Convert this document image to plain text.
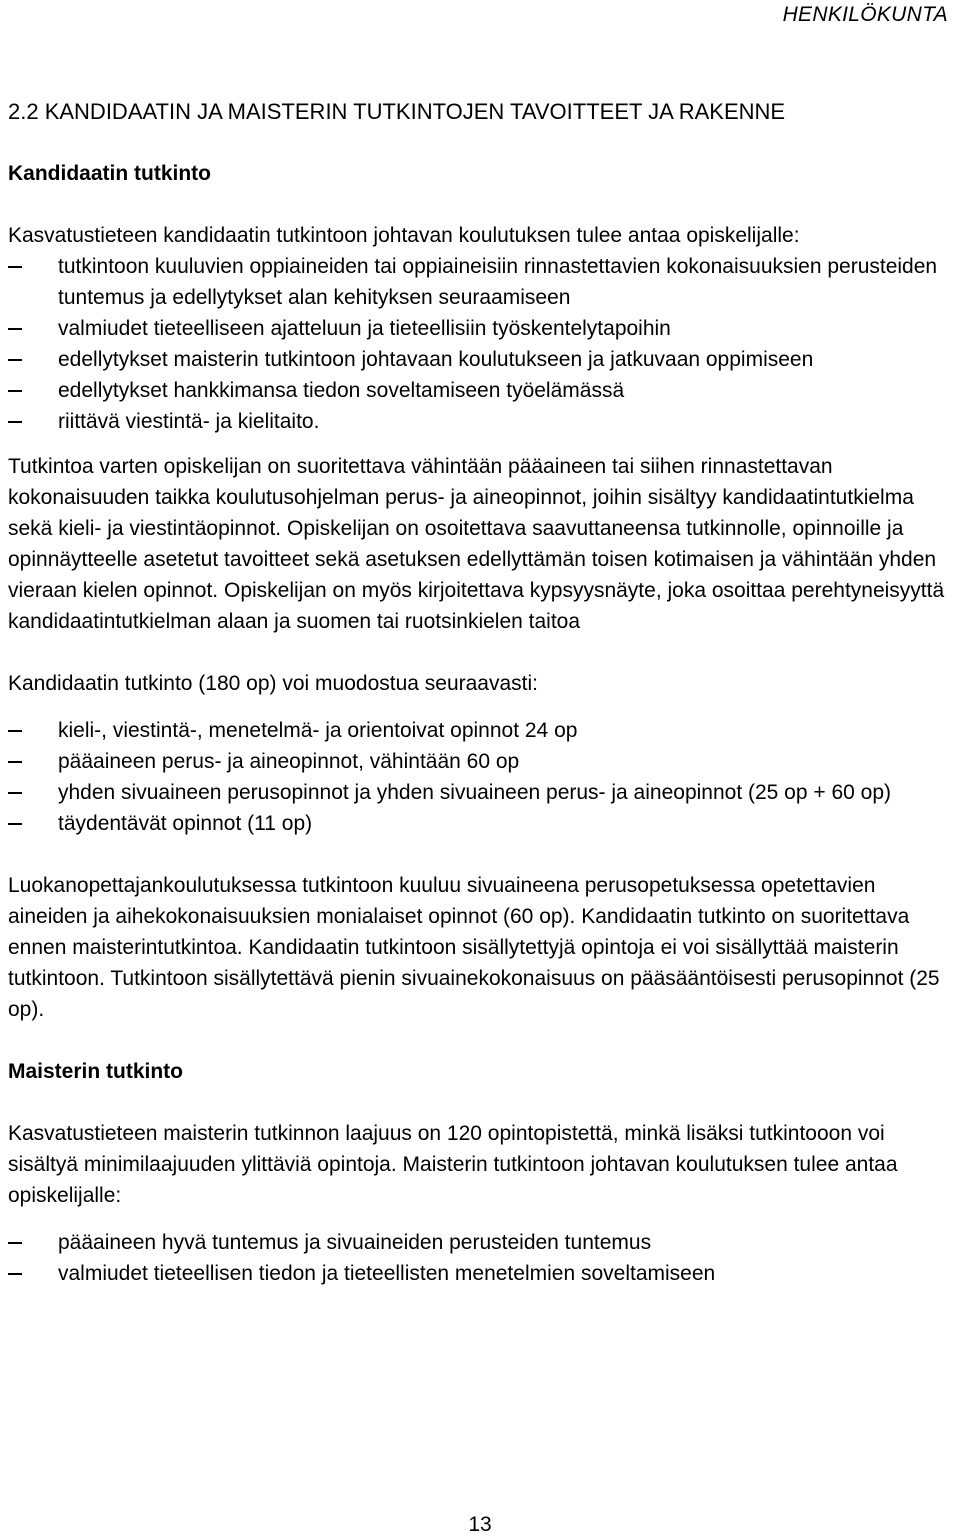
HENKILÖKUNTA

2.2 KANDIDAATIN JA MAISTERIN TUTKINTOJEN TAVOITTEET JA RAKENNE

Kandidaatin tutkinto

Kasvatustieteen kandidaatin tutkintoon johtavan koulutuksen tulee antaa opiskelijalle:

tutkintoon kuuluvien oppiaineiden tai oppiaineisiin rinnastettavien kokonaisuuksien perusteiden tuntemus ja edellytykset alan kehityksen seuraamiseen
valmiudet tieteelliseen ajatteluun ja tieteellisiin työskentelytapoihin
edellytykset maisterin tutkintoon johtavaan koulutukseen ja jatkuvaan oppimiseen
edellytykset hankkimansa tiedon soveltamiseen työelämässä
riittävä viestintä- ja kielitaito.

Tutkintoa varten opiskelijan on suoritettava vähintään pääaineen tai siihen rinnastettavan kokonaisuuden taikka koulutusohjelman perus- ja aineopinnot, joihin sisältyy kandidaatintutkielma sekä kieli- ja viestintäopinnot. Opiskelijan on osoitettava saavuttaneensa tutkinnolle, opinnoille ja opinnäytteelle asetetut tavoitteet sekä asetuksen edellyttämän toisen kotimaisen ja vähintään yhden vieraan kielen opinnot. Opiskelijan on myös kirjoitettava kypsyysnäyte, joka osoittaa perehtyneisyyttä kandidaatintutkielman alaan ja suomen tai ruotsinkielen taitoa

Kandidaatin tutkinto (180 op) voi muodostua seuraavasti:

kieli-, viestintä-, menetelmä- ja orientoivat opinnot 24 op
pääaineen perus- ja aineopinnot, vähintään 60 op
yhden sivuaineen perusopinnot ja yhden sivuaineen perus- ja aineopinnot (25 op + 60 op)
täydentävät opinnot (11 op)

Luokanopettajankoulutuksessa tutkintoon kuuluu sivuaineena perusopetuksessa opetettavien aineiden ja aihekokonaisuuksien monialaiset opinnot (60 op). Kandidaatin tutkinto on suoritettava ennen maisterintutkintoa. Kandidaatin tutkintoon sisällytettyjä opintoja ei voi sisällyttää maisterin tutkintoon. Tutkintoon sisällytettävä pienin sivuainekokonaisuus on pääsääntöisesti perusopinnot (25 op).

Maisterin tutkinto

Kasvatustieteen maisterin tutkinnon laajuus on 120 opintopistettä, minkä lisäksi tutkintooon voi sisältyä minimilaajuuden ylittäviä opintoja. Maisterin tutkintoon johtavan koulutuksen tulee antaa opiskelijalle:

pääaineen hyvä tuntemus ja sivuaineiden perusteiden tuntemus
valmiudet tieteellisen tiedon ja tieteellisten menetelmien soveltamiseen
13
